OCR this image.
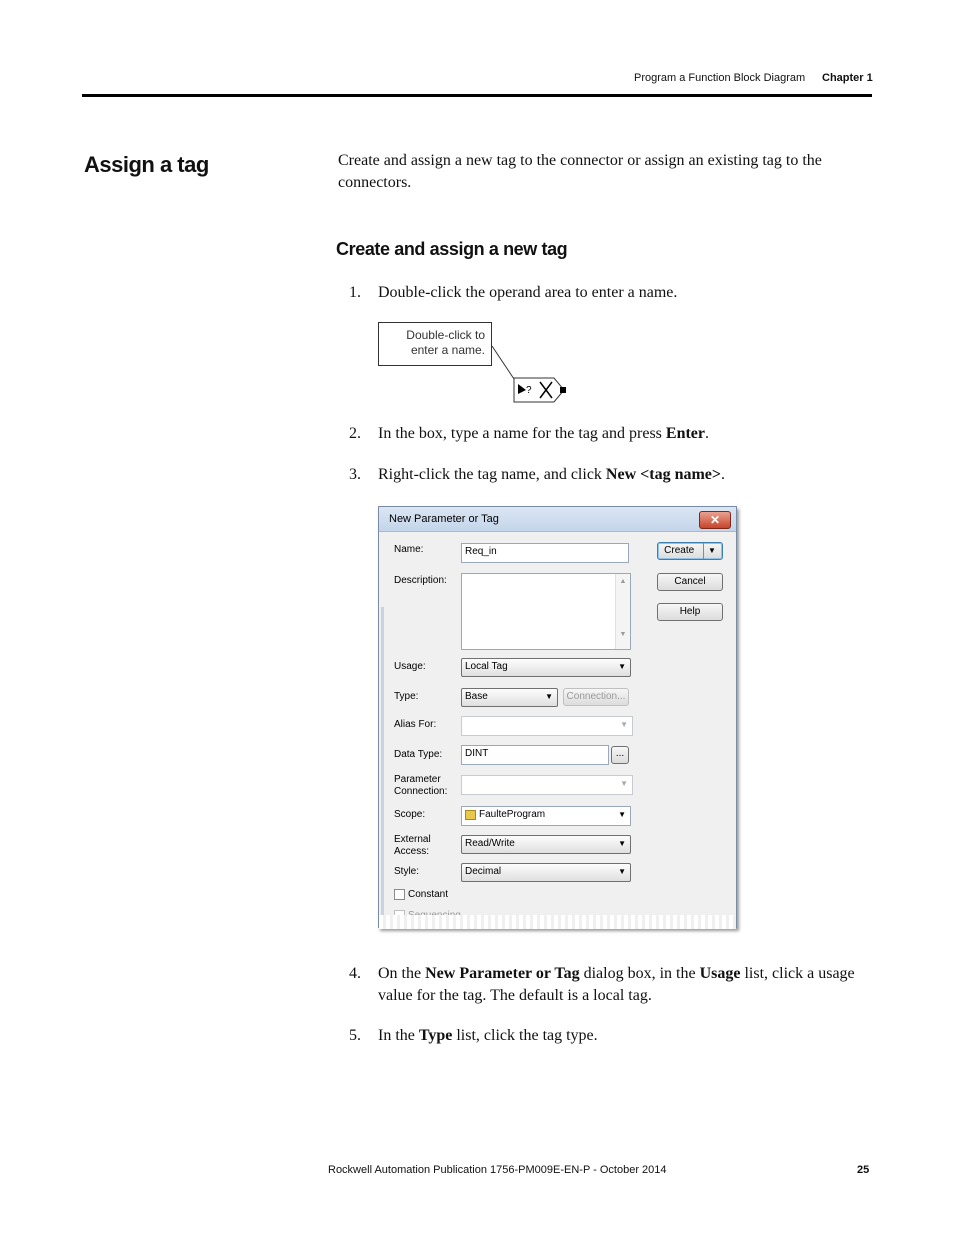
Program a Function Block Diagram Chapter 1
Assign a tag	Create and assign a new tag to the connector or assign an existing tag to the
connectors.
Create and assign a new tag
1. Double-click the operand area to enter a name.
Double-click to
enter a name.
?
2. In the box, type a name for the tag and press Enter.
3. Right-click the tag name, and click New <tag name>.
New Parameter or Tag	✕
Name:	Req_in
Description:	▲
▼
Usage:	Local Tag	▼
Type:	Base	▼	Connection...
Alias For:	▼
Data Type:	DINT	...
Parameter
Connection:
▼
Scope:	FaulteProgram	▼
External
Access:
Read/Write	▼
Style:	Decimal	▼
Constant
Create ▼
Cancel
Help
4. On the New Parameter or Tag dialog box, in the Usage list, click a usage
value for the tag. The default is a local tag.
5. In the Type list, click the tag type.
Rockwell Automation Publication 1756-PM009E-EN-P - October 2014	25
